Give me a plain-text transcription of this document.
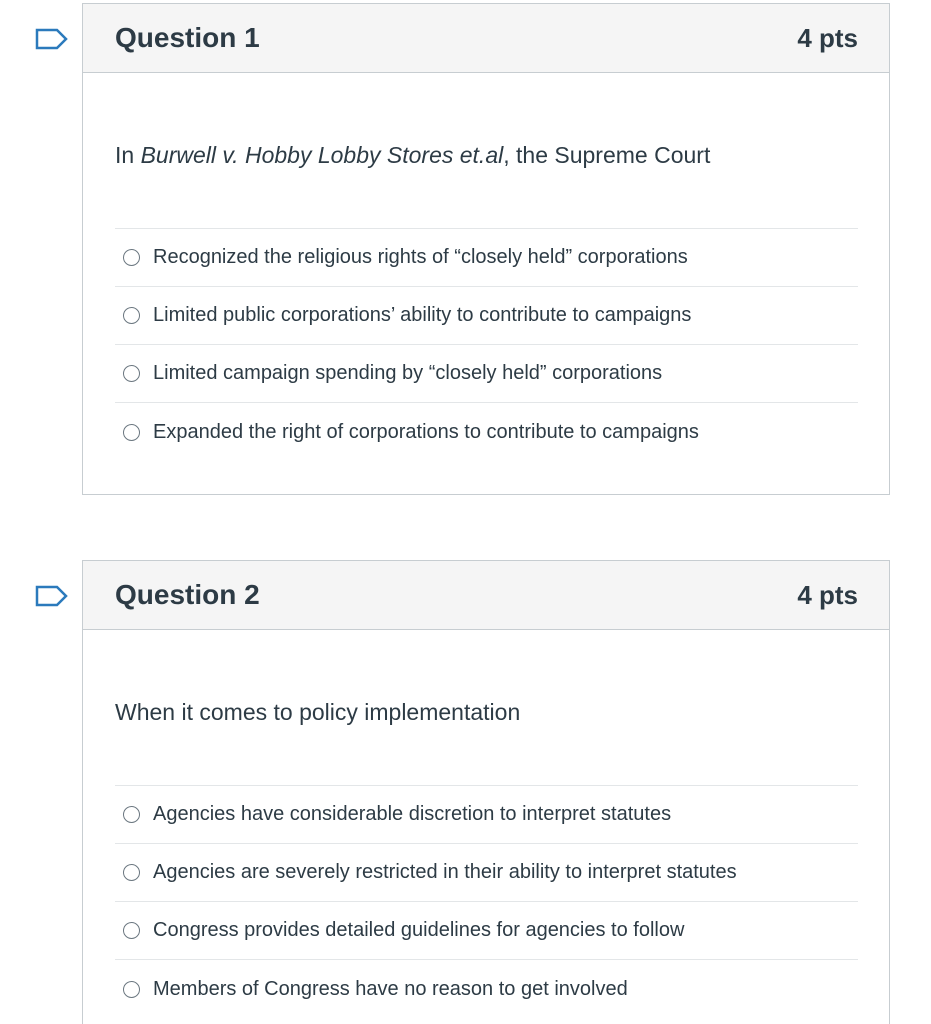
Question 1	4 pts
In Burwell v. Hobby Lobby Stores et.al, the Supreme Court
Recognized the religious rights of “closely held” corporations
Limited public corporations’ ability to contribute to campaigns
Limited campaign spending by “closely held” corporations
Expanded the right of corporations to contribute to campaigns
Question 2	4 pts
When it comes to policy implementation
Agencies have considerable discretion to interpret statutes
Agencies are severely restricted in their ability to interpret statutes
Congress provides detailed guidelines for agencies to follow
Members of Congress have no reason to get involved
